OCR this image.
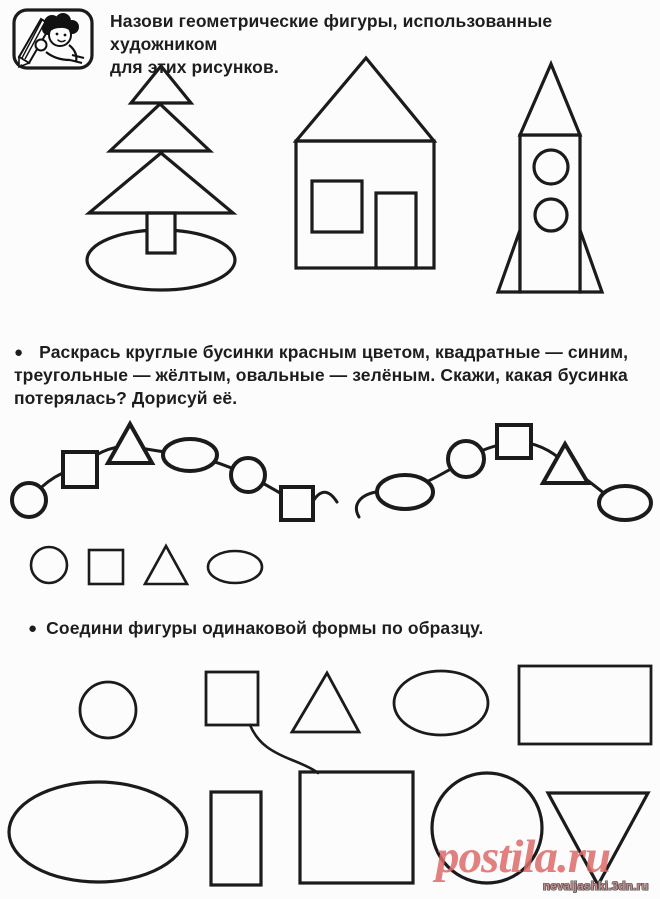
Назови геометрические фигуры, использованные художником
для этих рисунков.
● Раскрась круглые бусинки красным цветом, квадратные — синим,
треугольные — жёлтым, овальные — зелёным. Скажи, какая бусинка
потерялась? Дорисуй её.
● Соедини фигуры одинаковой формы по образцу.
postila.ru
nevaljashki.3dn.ru
